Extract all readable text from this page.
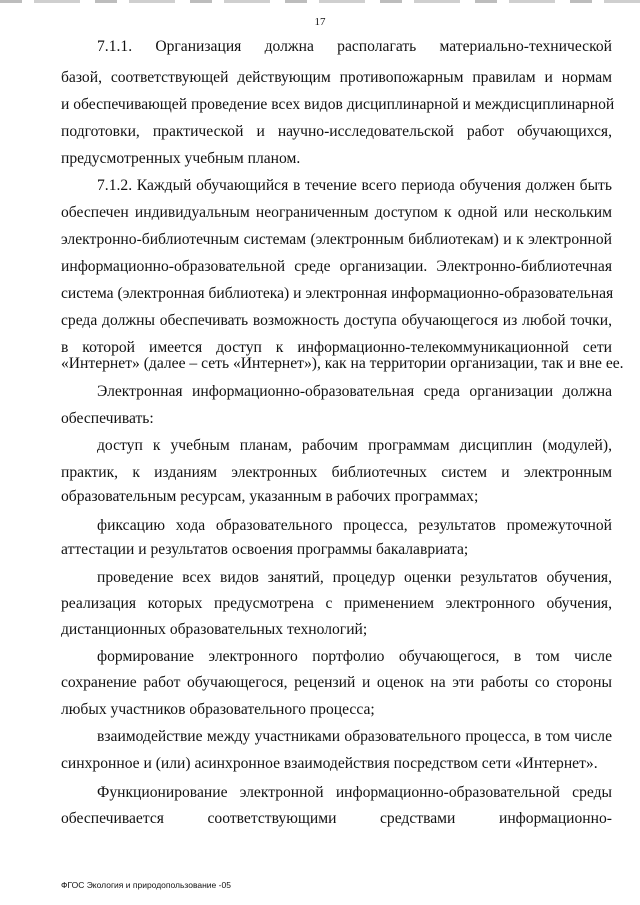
17
7.1.1. Организация должна располагать материально-технической
базой, соответствующей действующим противопожарным правилам и нормам
и обеспечивающей проведение всех видов дисциплинарной и междисциплинарной
подготовки, практической и научно-исследовательской работ обучающихся,
предусмотренных учебным планом.
7.1.2. Каждый обучающийся в течение всего периода обучения должен быть
обеспечен индивидуальным неограниченным доступом к одной или нескольким
электронно-библиотечным системам (электронным библиотекам) и к электронной
информационно-образовательной среде организации. Электронно-библиотечная
система (электронная библиотека) и электронная информационно-образовательная
среда должны обеспечивать возможность доступа обучающегося из любой точки,
в которой имеется доступ к информационно-телекоммуникационной сети
«Интернет» (далее – сеть «Интернет»), как на территории организации, так и вне ее.
Электронная информационно-образовательная среда организации должна
обеспечивать:
доступ к учебным планам, рабочим программам дисциплин (модулей),
практик, к изданиям электронных библиотечных систем и электронным
образовательным ресурсам, указанным в рабочих программах;
фиксацию хода образовательного процесса, результатов промежуточной
аттестации и результатов освоения программы бакалавриата;
проведение всех видов занятий, процедур оценки результатов обучения,
реализация которых предусмотрена с применением электронного обучения,
дистанционных образовательных технологий;
формирование электронного портфолио обучающегося, в том числе
сохранение работ обучающегося, рецензий и оценок на эти работы со стороны
любых участников образовательного процесса;
взаимодействие между участниками образовательного процесса, в том числе
синхронное и (или) асинхронное взаимодействия посредством сети «Интернет».
Функционирование электронной информационно-образовательной среды
обеспечивается соответствующими средствами информационно-
ФГОС Экология и природопользование -05
